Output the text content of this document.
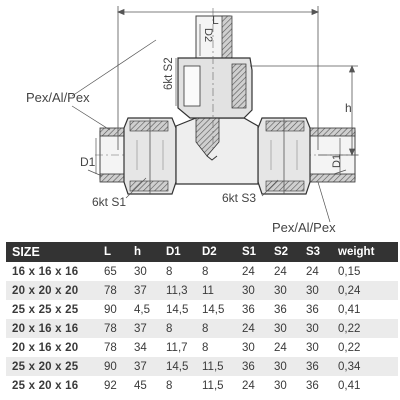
L
D2
6kt S2
h
Pex/Al/Pex
D1
6kt S1	6kt S3
D1
Pex/Al/Pex
SIZE	L	h	D1	D2	S1	S2	S3	weight
16 x 16 x 16	65	30	8	8	24	24	24	0,15
20 x 20 x 20	78	37	11,3	11	30	30	30	0,24
25 x 25 x 25	90	4,5	14,5	14,5	36	36	36	0,41
20 x 16 x 16	78	37	8	8	24	30	30	0,22
20 x 16 x 20	78	34	11,7	8	30	24	30	0,22
25 x 20 x 25	90	37	14,5	11,5	36	30	36	0,34
25 x 20 x 16	92	45	8	11,5	24	30	36	0,41
